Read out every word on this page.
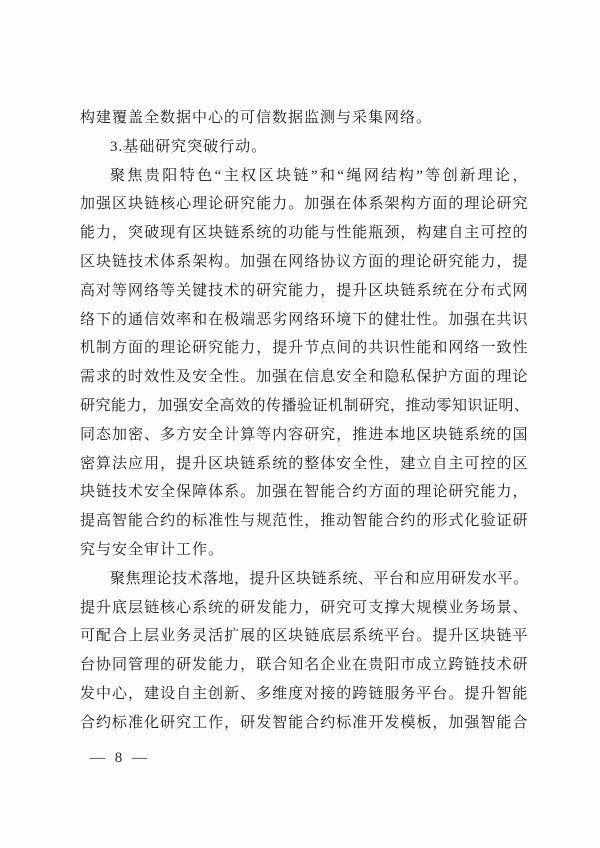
构建覆盖全数据中心的可信数据监测与采集网络。
3.基础研究突破行动。
聚焦贵阳特色“主权区块链”和“绳网结构”等创新理论，
加强区块链核心理论研究能力。加强在体系架构方面的理论研究
能力，突破现有区块链系统的功能与性能瓶颈，构建自主可控的
区块链技术体系架构。加强在网络协议方面的理论研究能力，提
高对等网络等关键技术的研究能力，提升区块链系统在分布式网
络下的通信效率和在极端恶劣网络环境下的健壮性。加强在共识
机制方面的理论研究能力，提升节点间的共识性能和网络一致性
需求的时效性及安全性。加强在信息安全和隐私保护方面的理论
研究能力，加强安全高效的传播验证机制研究，推动零知识证明、
同态加密、多方安全计算等内容研究，推进本地区块链系统的国
密算法应用，提升区块链系统的整体安全性，建立自主可控的区
块链技术安全保障体系。加强在智能合约方面的理论研究能力，
提高智能合约的标准性与规范性，推动智能合约的形式化验证研
究与安全审计工作。
聚焦理论技术落地，提升区块链系统、平台和应用研发水平。
提升底层链核心系统的研发能力，研究可支撑大规模业务场景、
可配合上层业务灵活扩展的区块链底层系统平台。提升区块链平
台协同管理的研发能力，联合知名企业在贵阳市成立跨链技术研
发中心，建设自主创新、多维度对接的跨链服务平台。提升智能
合约标准化研究工作，研发智能合约标准开发模板，加强智能合
— 8 —
